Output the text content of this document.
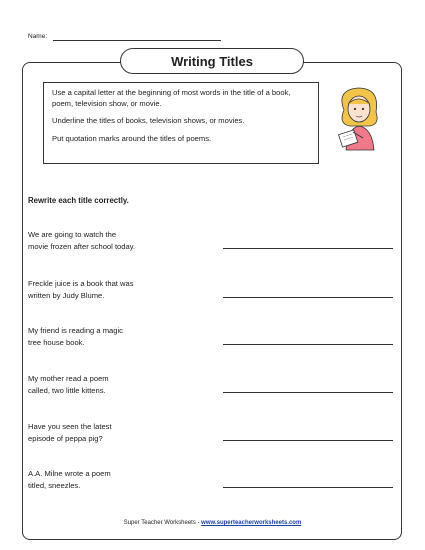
Name:
Writing Titles

Use a capital letter at the beginning of most words in the title of a book, poem, television show, or movie.

Underline the titles of books, television shows, or movies.

Put quotation marks around the titles of poems.

Rewrite each title correctly.
We are going to watch the
movie frozen after school today.
Freckle juice is a book that was
written by Judy Blume.
My friend is reading a magic
tree house book.
My mother read a poem
called, two little kittens.
Have you seen the latest
episode of peppa pig?
A.A. Milne wrote a poem
titled, sneezles.
Super Teacher Worksheets - www.superteacherworksheets.com
